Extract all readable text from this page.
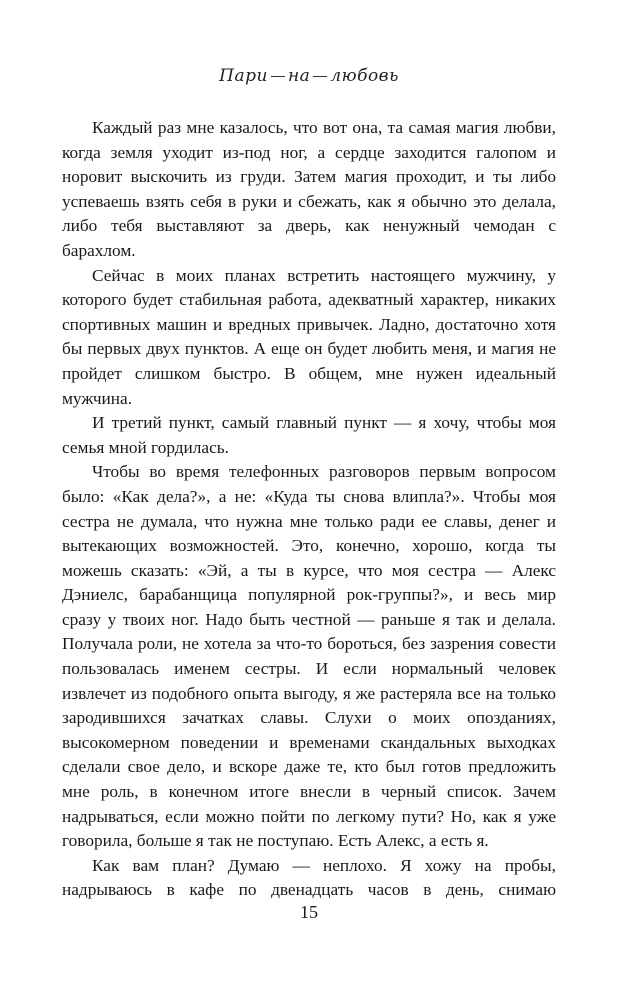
Пари на любовь

Каждый раз мне казалось, что вот она, та самая магия любви, когда земля уходит из-под ног, а сердце заходится галопом и норовит выскочить из груди. Затем магия проходит, и ты либо успеваешь взять себя в руки и сбежать, как я обычно это делала, либо тебя выставляют за дверь, как ненужный чемодан с барахлом.

Сейчас в моих планах встретить настоящего мужчину, у которого будет стабильная работа, адекватный характер, никаких спортивных машин и вредных привычек. Ладно, достаточно хотя бы первых двух пунктов. А еще он будет любить меня, и магия не пройдет слишком быстро. В общем, мне нужен идеальный мужчина.

И третий пункт, самый главный пункт — я хочу, чтобы моя семья мной гордилась.

Чтобы во время телефонных разговоров первым вопросом было: «Как дела?», а не: «Куда ты снова влипла?». Чтобы моя сестра не думала, что нужна мне только ради ее славы, денег и вытекающих возможностей. Это, конечно, хорошо, когда ты можешь сказать: «Эй, а ты в курсе, что моя сестра — Алекс Дэниелс, барабанщица популярной рок-группы?», и весь мир сразу у твоих ног. Надо быть честной — раньше я так и делала. Получала роли, не хотела за что-то бороться, без зазрения совести пользовалась именем сестры. И если нормальный человек извлечет из подобного опыта выгоду, я же растеряла все на только зародившихся зачатках славы. Слухи о моих опозданиях, высокомерном поведении и временами скандальных выходках сделали свое дело, и вскоре даже те, кто был готов предложить мне роль, в конечном итоге внесли в черный список. Зачем надрываться, если можно пойти по легкому пути? Но, как я уже говорила, больше я так не поступаю. Есть Алекс, а есть я.

Как вам план? Думаю — неплохо. Я хожу на пробы, надрываюсь в кафе по двенадцать часов в день, снимаю

15
